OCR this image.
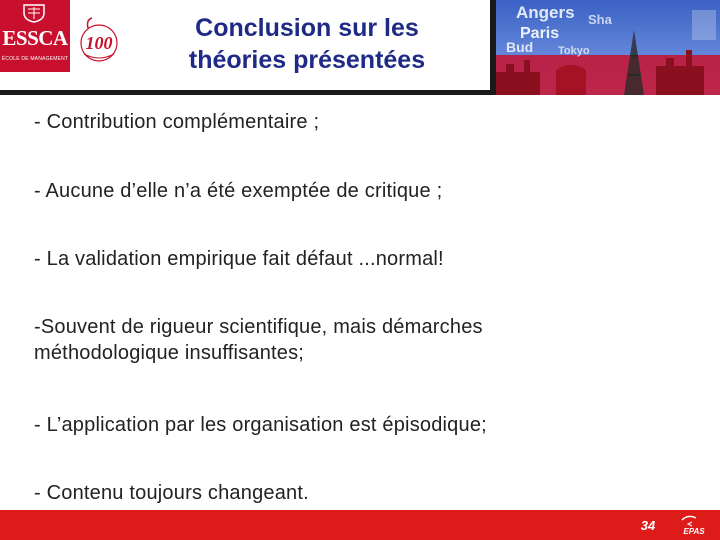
ESSCA
ÉCOLE DE MANAGEMENT
100
Conclusion sur les
théories présentées
Angers Sha
Paris
Bud Tokyo
- Contribution complémentaire ;
- Aucune d’elle n’a été exemptée de critique ;
- La validation empirique fait défaut ...normal!
-Souvent de rigueur scientifique, mais démarches
méthodologique insuffisantes;
- L’application par les organisation est épisodique;
- Contenu toujours changeant.
34	EPAS
